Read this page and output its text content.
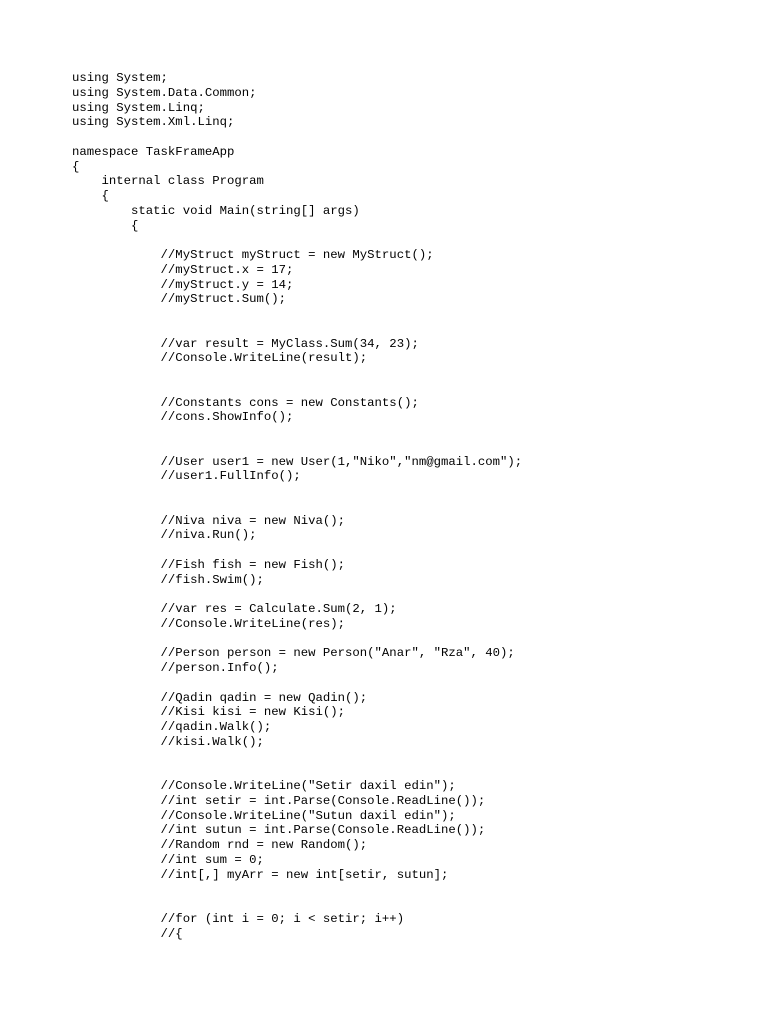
using System;
using System.Data.Common;
using System.Linq;
using System.Xml.Linq;
namespace TaskFrameApp
{
internal class Program
{
static void Main(string[] args)
{
//MyStruct myStruct = new MyStruct();
//myStruct.x = 17;
//myStruct.y = 14;
//myStruct.Sum();
//var result = MyClass.Sum(34, 23);
//Console.WriteLine(result);
//Constants cons = new Constants();
//cons.ShowInfo();
//User user1 = new User(1,"Niko","nm@gmail.com");
//user1.FullInfo();
//Niva niva = new Niva();
//niva.Run();
//Fish fish = new Fish();
//fish.Swim();
//var res = Calculate.Sum(2, 1);
//Console.WriteLine(res);
//Person person = new Person("Anar", "Rza", 40);
//person.Info();
//Qadin qadin = new Qadin();
//Kisi kisi = new Kisi();
//qadin.Walk();
//kisi.Walk();
//Console.WriteLine("Setir daxil edin");
//int setir = int.Parse(Console.ReadLine());
//Console.WriteLine("Sutun daxil edin");
//int sutun = int.Parse(Console.ReadLine());
//Random rnd = new Random();
//int sum = 0;
//int[,] myArr = new int[setir, sutun];
//for (int i = 0; i < setir; i++)
//{
